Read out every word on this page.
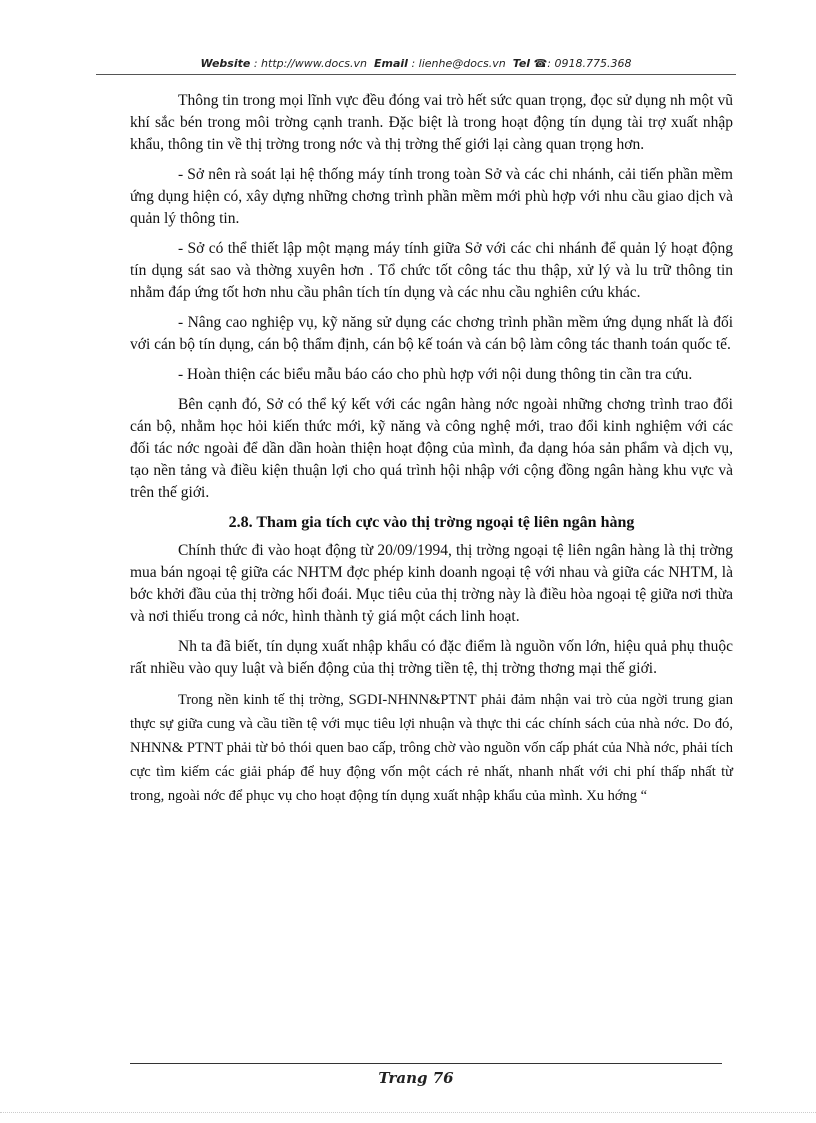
Website : http://www.docs.vn Email : lienhe@docs.vn Tel ☎: 0918.775.368

Thông tin trong mọi lĩnh vực đều đóng vai trò hết sức quan trọng, đọc sử dụng nh một vũ khí sắc bén trong môi trờng cạnh tranh. Đặc biệt là trong hoạt động tín dụng tài trợ xuất nhập khẩu, thông tin về thị trờng trong nớc và thị trờng thế giới lại càng quan trọng hơn.

- Sở nên rà soát lại hệ thống máy tính trong toàn Sở và các chi nhánh, cải tiến phần mềm ứng dụng hiện có, xây dựng những chơng trình phần mềm mới phù hợp với nhu cầu giao dịch và quản lý thông tin.

- Sở có thể thiết lập một mạng máy tính giữa Sở với các chi nhánh để quản lý hoạt động tín dụng sát sao và thờng xuyên hơn . Tổ chức tốt công tác thu thập, xử lý và lu trữ thông tin nhằm đáp ứng tốt hơn nhu cầu phân tích tín dụng và các nhu cầu nghiên cứu khác.

- Nâng cao nghiệp vụ, kỹ năng sử dụng các chơng trình phần mềm ứng dụng nhất là đối với cán bộ tín dụng, cán bộ thẩm định, cán bộ kế toán và cán bộ làm công tác thanh toán quốc tế.

- Hoàn thiện các biểu mẫu báo cáo cho phù hợp với nội dung thông tin cần tra cứu.

Bên cạnh đó, Sở có thể ký kết với các ngân hàng nớc ngoài những chơng trình trao đổi cán bộ, nhằm học hỏi kiến thức mới, kỹ năng và công nghệ mới, trao đổi kinh nghiệm với các đối tác nớc ngoài để dần dần hoàn thiện hoạt động của mình, đa dạng hóa sản phẩm và dịch vụ, tạo nền tảng và điều kiện thuận lợi cho quá trình hội nhập với cộng đồng ngân hàng khu vực và trên thế giới.

2.8. Tham gia tích cực vào thị trờng ngoại tệ liên ngân hàng

Chính thức đi vào hoạt động từ 20/09/1994, thị trờng ngoại tệ liên ngân hàng là thị trờng mua bán ngoại tệ giữa các NHTM đợc phép kinh doanh ngoại tệ với nhau và giữa các NHTM, là bớc khởi đầu của thị trờng hối đoái. Mục tiêu của thị trờng này là điều hòa ngoại tệ giữa nơi thừa và nơi thiếu trong cả nớc, hình thành tỷ giá một cách linh hoạt.

Nh ta đã biết, tín dụng xuất nhập khẩu có đặc điểm là nguồn vốn lớn, hiệu quả phụ thuộc rất nhiều vào quy luật và biến động của thị trờng tiền tệ, thị trờng thơng mại thế giới.

Trong nền kinh tế thị trờng, SGDI-NHNN&PTNT phải đảm nhận vai trò của ngời trung gian thực sự giữa cung và cầu tiền tệ với mục tiêu lợi nhuận và thực thi các chính sách của nhà nớc. Do đó, NHNN& PTNT phải từ bỏ thói quen bao cấp, trông chờ vào nguồn vốn cấp phát của Nhà nớc, phải tích cực tìm kiếm các giải pháp để huy động vốn một cách rẻ nhất, nhanh nhất với chi phí thấp nhất từ trong, ngoài nớc để phục vụ cho hoạt động tín dụng xuất nhập khẩu của mình. Xu hớng “

Trang 76
